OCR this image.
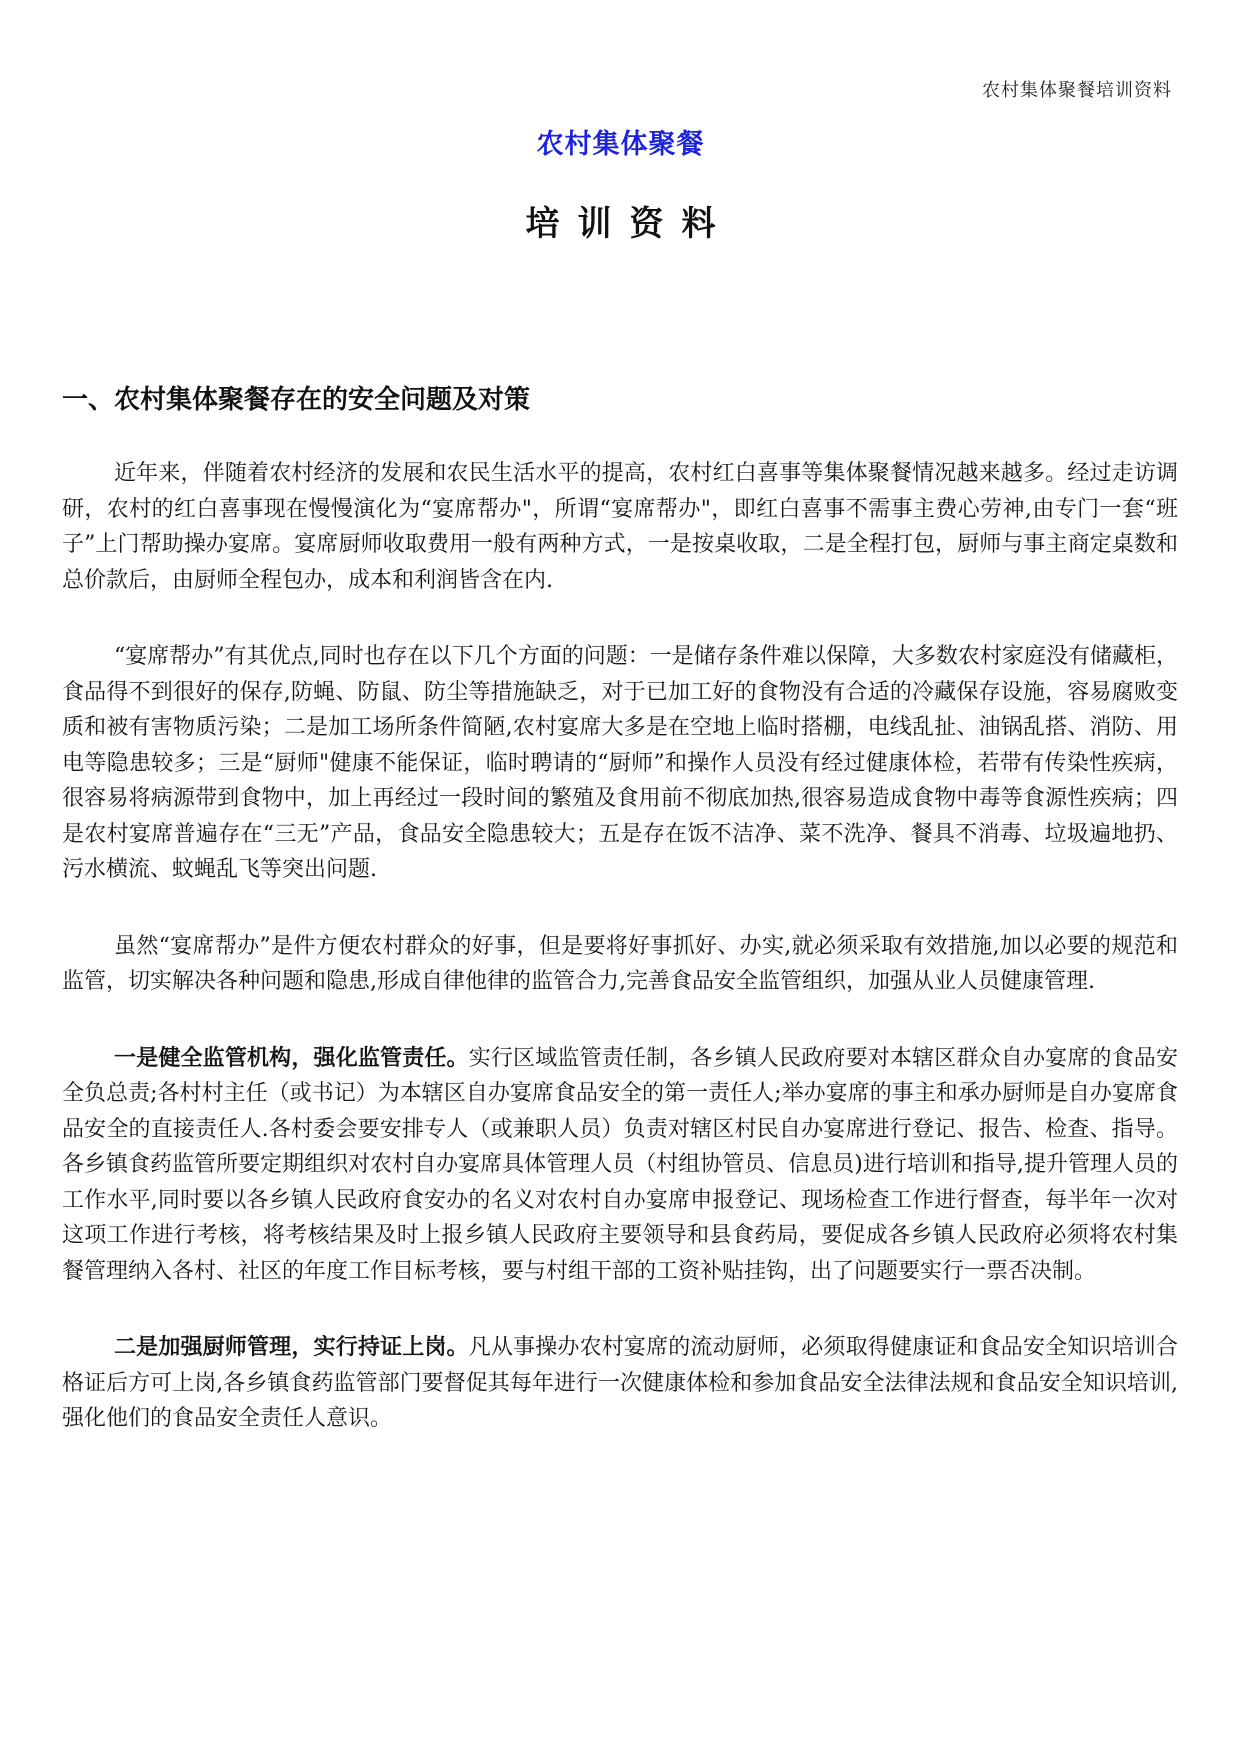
农村集体聚餐培训资料
农村集体聚餐
培训资料
一、农村集体聚餐存在的安全问题及对策

近年来，伴随着农村经济的发展和农民生活水平的提高，农村红白喜事等集体聚餐情况越来越多。经过走访调研，农村的红白喜事现在慢慢演化为“宴席帮办"，所谓“宴席帮办"，即红白喜事不需事主费心劳神,由专门一套“班子”上门帮助操办宴席。宴席厨师收取费用一般有两种方式，一是按桌收取，二是全程打包，厨师与事主商定桌数和总价款后，由厨师全程包办，成本和利润皆含在内.

“宴席帮办”有其优点,同时也存在以下几个方面的问题：一是储存条件难以保障，大多数农村家庭没有储藏柜，食品得不到很好的保存,防蝇、防鼠、防尘等措施缺乏，对于已加工好的食物没有合适的冷藏保存设施，容易腐败变质和被有害物质污染；二是加工场所条件简陋,农村宴席大多是在空地上临时搭棚，电线乱扯、油锅乱搭、消防、用电等隐患较多；三是“厨师"健康不能保证，临时聘请的“厨师”和操作人员没有经过健康体检，若带有传染性疾病，很容易将病源带到食物中，加上再经过一段时间的繁殖及食用前不彻底加热,很容易造成食物中毒等食源性疾病；四是农村宴席普遍存在“三无”产品，食品安全隐患较大；五是存在饭不洁净、菜不洗净、餐具不消毒、垃圾遍地扔、污水横流、蚊蝇乱飞等突出问题.

虽然“宴席帮办”是件方便农村群众的好事，但是要将好事抓好、办实,就必须采取有效措施,加以必要的规范和监管，切实解决各种问题和隐患,形成自律他律的监管合力,完善食品安全监管组织，加强从业人员健康管理.

一是健全监管机构，强化监管责任。实行区域监管责任制，各乡镇人民政府要对本辖区群众自办宴席的食品安全负总责;各村村主任（或书记）为本辖区自办宴席食品安全的第一责任人;举办宴席的事主和承办厨师是自办宴席食品安全的直接责任人.各村委会要安排专人（或兼职人员）负责对辖区村民自办宴席进行登记、报告、检查、指导。各乡镇食药监管所要定期组织对农村自办宴席具体管理人员（村组协管员、信息员)进行培训和指导,提升管理人员的工作水平,同时要以各乡镇人民政府食安办的名义对农村自办宴席申报登记、现场检查工作进行督查，每半年一次对这项工作进行考核，将考核结果及时上报乡镇人民政府主要领导和县食药局，要促成各乡镇人民政府必须将农村集餐管理纳入各村、社区的年度工作目标考核，要与村组干部的工资补贴挂钩，出了问题要实行一票否决制。

二是加强厨师管理，实行持证上岗。凡从事操办农村宴席的流动厨师，必须取得健康证和食品安全知识培训合格证后方可上岗,各乡镇食药监管部门要督促其每年进行一次健康体检和参加食品安全法律法规和食品安全知识培训,强化他们的食品安全责任人意识。
